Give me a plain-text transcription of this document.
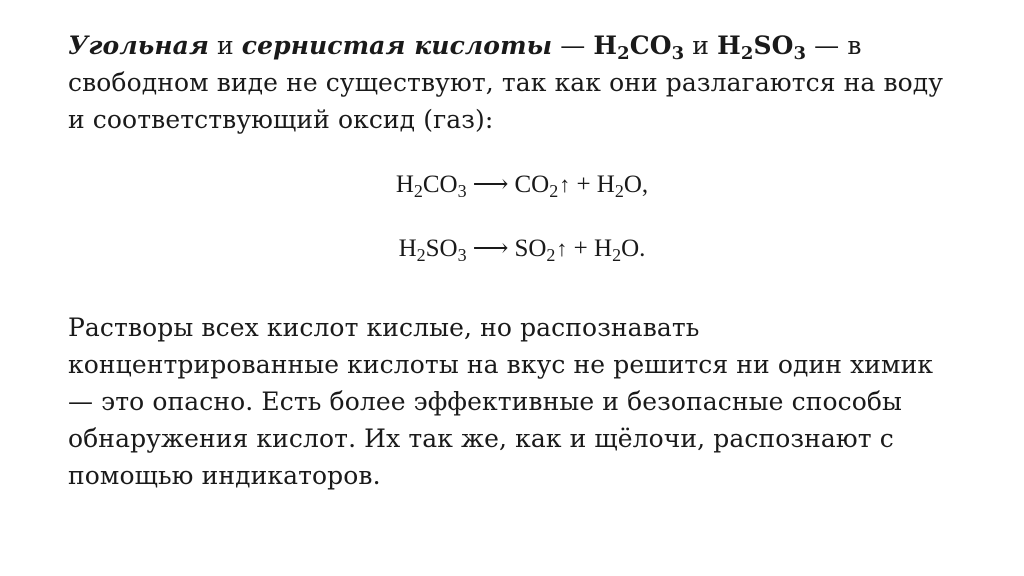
Угольная и сернистая кислоты — $H_2CO_3$ и $H_2SO_3$ — в свободном виде не существуют, так как они разлагаются на воду и соответствующий оксид (газ):
$H_2CO_3$ ⟶ $CO_2↑ + H_2O$,
$H_2SO_3$ ⟶ $SO_2↑ + H_2O$.
Растворы всех кислот кислые, но распознавать концентрированные кислоты на вкус не решится ни один химик — это опасно. Есть более эффективные и безопасные способы обнаружения кислот. Их так же, как и щёлочи, распознают с помощью индикаторов.
